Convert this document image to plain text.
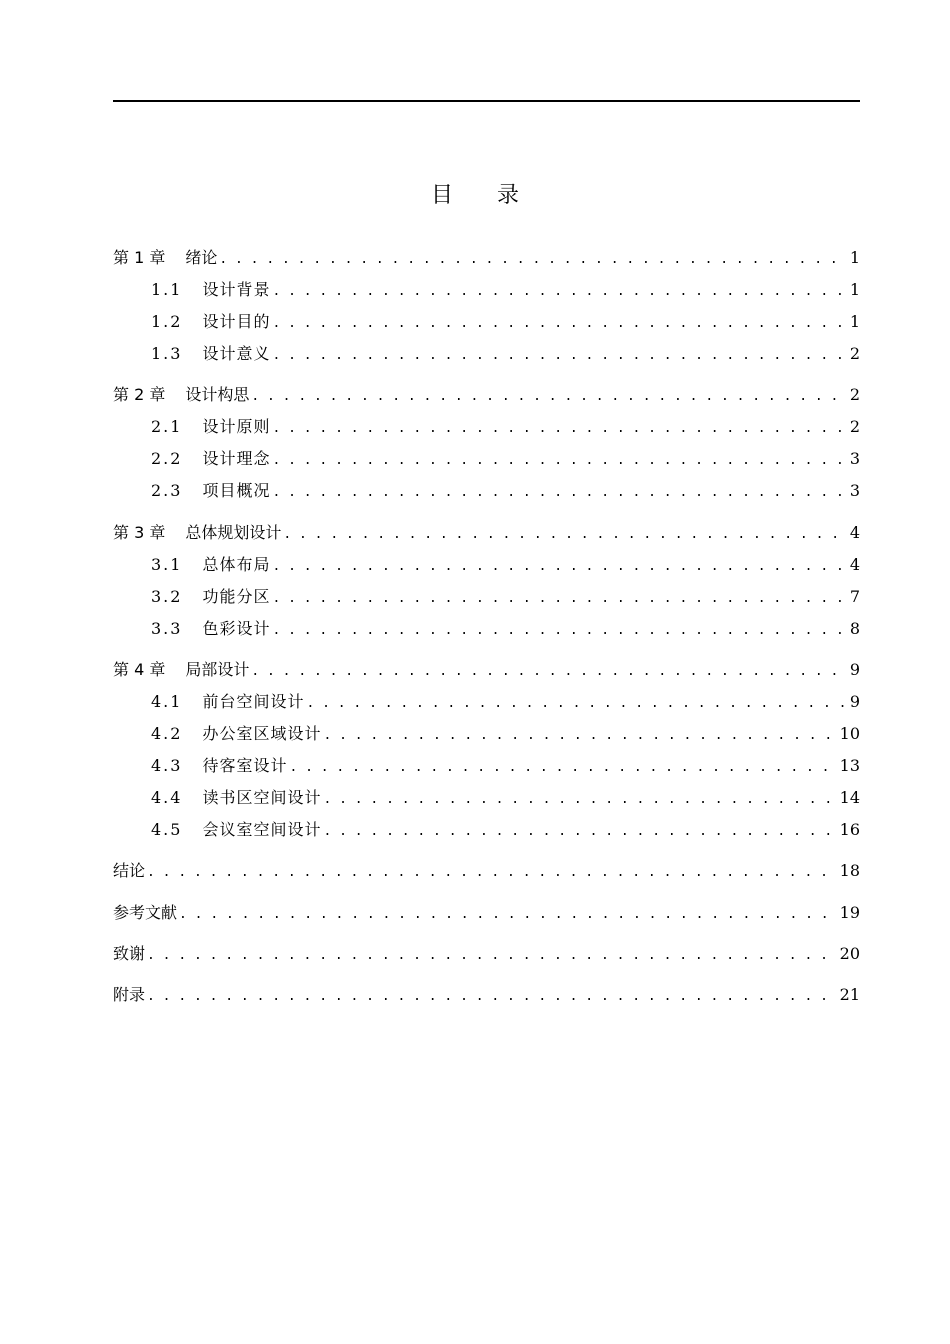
目　　录
第 1 章 绪论 . . .	1
1.1 设计背景 . . .	1
1.2 设计目的 . . .	1
1.3 设计意义 . . .	2
第 2 章 设计构思 . . .	2
2.1 设计原则 . . .	2
2.2 设计理念 . . .	3
2.3 项目概况 . . .	3
第 3 章 总体规划设计 . . .	4
3.1 总体布局 . . .	4
3.2 功能分区 . . .	7
3.3 色彩设计 . . .	8
第 4 章 局部设计 . . .	9
4.1 前台空间设计 . . .	9
4.2 办公室区域设计 . . .	10
4.3 待客室设计 . . .	13
4.4 读书区空间设计 . . .	14
4.5 会议室空间设计 . . .	16
结论 . . .	18
参考文献 . . .	19
致谢 . . .	20
附录 . . .	21
